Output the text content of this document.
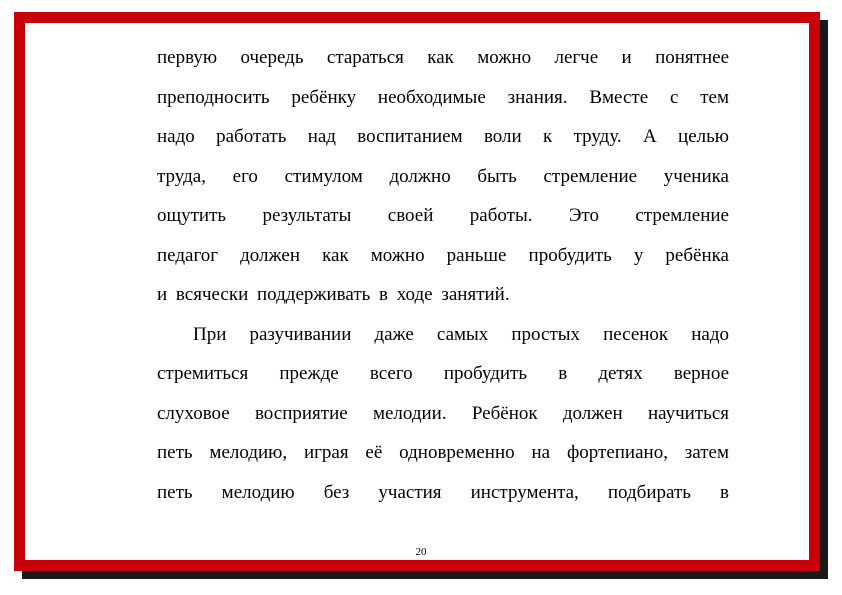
первую очередь стараться как можно легче и понятнее
преподносить ребёнку необходимые знания. Вместе с тем
надо работать над воспитанием воли к труду. А целью
труда, его стимулом должно быть стремление ученика
ощутить результаты своей работы. Это стремление
педагог должен как можно раньше пробудить у ребёнка
и всячески поддерживать в ходе занятий.
При разучивании даже самых простых песенок надо
стремиться прежде всего пробудить в детях верное
слуховое восприятие мелодии. Ребёнок должен научиться
петь мелодию, играя её одновременно на фортепиано, затем
петь мелодию без участия инструмента, подбирать в
20
